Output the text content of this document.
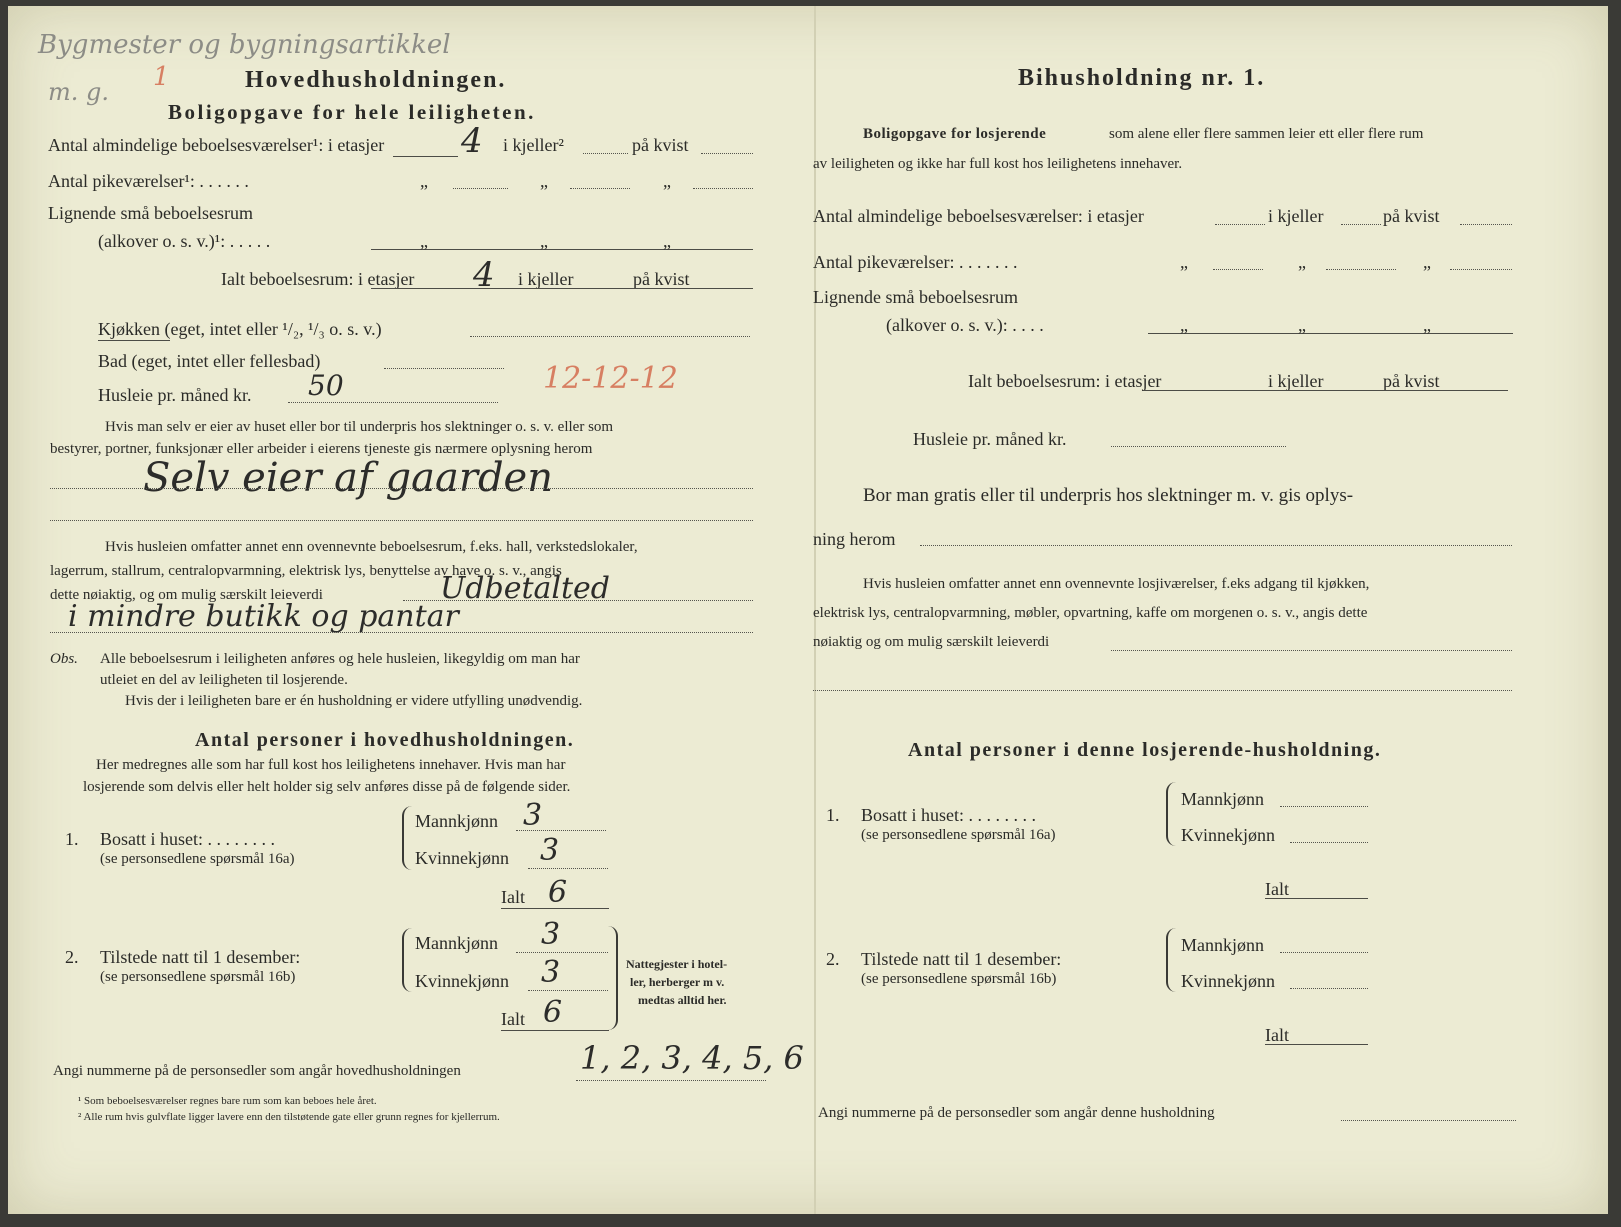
Bygmester og bygningsartikkel
m. g. 1	Hovedhusholdningen.
Boligopgave for hele leiligheten.
Antal almindelige beboelsesværelser¹: i etasjer 4 i kjeller²	på kvist
Antal pikeværelser¹: . . . . . .	„	„	„
Lignende små beboelsesrum
(alkover o. s. v.)¹: . . . . .	„	„	„
Ialt beboelsesrum: i etasjer 4 i kjeller	på kvist
Kjøkken (eget, intet eller ¹/₂, ¹/₃ o. s. v.)
Bad (eget, intet eller fellesbad)	12-12-12
Husleie pr. måned kr. 50
Hvis man selv er eier av huset eller bor til underpris hos slektninger o. s. v. eller som
bestyrer, portner, funksjonær eller arbeider i eierens tjeneste gis nærmere oplysning herom
Selv eier af gaarden
Hvis husleien omfatter annet enn ovennevnte beboelsesrum, f.eks. hall, verkstedslokaler,
lagerrum, stallrum, centralopvarmning, elektrisk lys, benyttelse av have o. s. v., angis
dette nøiaktig, og om mulig særskilt leieverdi	Udbetalted
i mindre butikk og pantar
Obs. Alle beboelsesrum i leiligheten anføres og hele husleien, likegyldig om man har
utleiet en del av leiligheten til losjerende.
Hvis der i leiligheten bare er én husholdning er videre utfylling unødvendig.
Antal personer i hovedhusholdningen.
Her medregnes alle som har full kost hos leilighetens innehaver. Hvis man har
losjerende som delvis eller helt holder sig selv anføres disse på de følgende sider.
1. Bosatt i huset: . . . . . . . .
(se personsedlene spørsmål 16a)
Mannkjønn 3
Kvinnekjønn 3
Ialt 6
2. Tilstede natt til 1 desember:
(se personsedlene spørsmål 16b)
Mannkjønn 3
Kvinnekjønn 3
Ialt 6
Nattegjester i hotel-
ler, herberger m v.
medtas alltid her.
Angi nummerne på de personsedler som angår hovedhusholdningen	1, 2, 3, 4, 5, 6
¹ Som beboelsesværelser regnes bare rum som kan beboes hele året.
² Alle rum hvis gulvflate ligger lavere enn den tilstøtende gate eller grunn regnes for kjellerrum.
Bihusholdning nr. 1.
Boligopgave for losjerende	som alene eller flere sammen leier ett eller flere rum
av leiligheten og ikke har full kost hos leilighetens innehaver.
Antal almindelige beboelsesværelser: i etasjer	i kjeller	på kvist
Antal pikeværelser: . . . . . . .	„	„	„
Lignende små beboelsesrum
(alkover o. s. v.): . . . .	„	„	„
Ialt beboelsesrum: i etasjer	i kjeller	på kvist
Husleie pr. måned kr.
Bor man gratis eller til underpris hos slektninger m. v. gis oplys-
ning herom
Hvis husleien omfatter annet enn ovennevnte losjiværelser, f.eks adgang til kjøkken,
elektrisk lys, centralopvarmning, møbler, opvartning, kaffe om morgenen o. s. v., angis dette
nøiaktig og om mulig særskilt leieverdi
Antal personer i denne losjerende-husholdning.
1. Bosatt i huset: . . . . . . . .
(se personsedlene spørsmål 16a)
Mannkjønn
Kvinnekjønn
Ialt
2. Tilstede natt til 1 desember:
(se personsedlene spørsmål 16b)
Mannkjønn
Kvinnekjønn
Ialt
Angi nummerne på de personsedler som angår denne husholdning
